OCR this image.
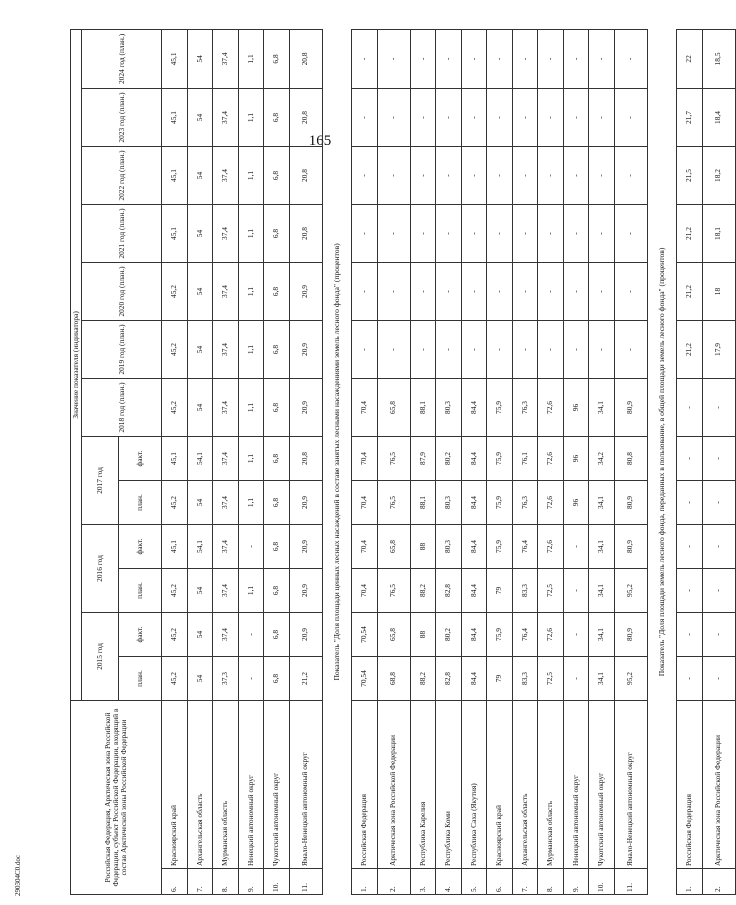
165
Российская Федерация, Арктическая зона Российской Федерации, субъект Российской Федерации, входящий в состав Арктической зоны Российской Федерации		Значение показателя (индикатора)												
		2015 год		2016 год		2017 год		2018 год (план.)	2019 год (план.)	2020 год (план.)	2021 год (план.)	2022 год (план.)	2023 год (план.)	2024 год (план.)
		план.	факт.	план.	факт.	план.	факт.							
6.	Красноярский край	45,2	45,2	45,2	45,1	45,2	45,1	45,2	45,2	45,2	45,1	45,1	45,1	45,1
7.	Архангельская область	54	54	54	54,1	54	54,1	54	54	54	54	54	54	54
8.	Мурманская область	37,3	37,4	37,4	37,4	37,4	37,4	37,4	37,4	37,4	37,4	37,4	37,4	37,4
9.	Ненецкий автономный округ	-	-	1,1	-	1,1	1,1	1,1	1,1	1,1	1,1	1,1	1,1	1,1
10.	Чукотский автономный округ	6,8	6,8	6,8	6,8	6,8	6,8	6,8	6,8	6,8	6,8	6,8	6,8	6,8
11.	Ямало-Ненецкий автономный округ	21,2	20,9	20,9	20,9	20,9	20,8	20,9	20,9	20,9	20,8	20,8	20,8	20,8
Показатель "Доля площади ценных лесных насаждений в составе занятых лесными насаждениями земель лесного фонда" (процентов)														
1.	Российская Федерация	70,54	70,54	70,4	70,4	70,4	70,4	70,4	-	-	-	-	-	-
2.	Арктическая зона Российской Федерации	68,8	65,8	76,5	65,8	76,5	76,5	65,8	-	-	-	-	-	-
3.	Республика Карелия	88,2	88	88,2	88	88,1	87,9	88,1	-	-	-	-	-	-
4.	Республика Коми	82,8	80,2	82,8	80,3	80,3	80,2	80,3	-	-	-	-	-	-
5.	Республика Саха (Якутия)	84,4	84,4	84,4	84,4	84,4	84,4	84,4	-	-	-	-	-	-
6.	Красноярский край	79	75,9	79	75,9	75,9	75,9	75,9	-	-	-	-	-	-
7.	Архангельская область	83,3	76,4	83,3	76,4	76,3	76,1	76,3	-	-	-	-	-	-
8.	Мурманская область	72,5	72,6	72,5	72,6	72,6	72,6	72,6	-	-	-	-	-	-
9.	Ненецкий автономный округ	-	-	-	-	96	96	96	-	-	-	-	-	-
10.	Чукотский автономный округ	34,1	34,1	34,1	34,1	34,1	34,2	34,1	-	-	-	-	-	-
11.	Ямало-Ненецкий автономный округ	95,2	80,9	95,2	80,9	80,9	80,8	80,9	-	-	-	-	-	-
Показатель "Доля площади земель лесного фонда, переданных в пользование, в общей площади земель лесного фонда" (процентов)														
1.	Российская Федерация	-	-	-	-	-	-	-	21,2	21,2	21,2	21,5	21,7	22
2.	Арктическая зона Российской Федерации	-	-	-	-	-	-	-	17,9	18	18,1	18,2	18,4	18,5
290304C0.doc
